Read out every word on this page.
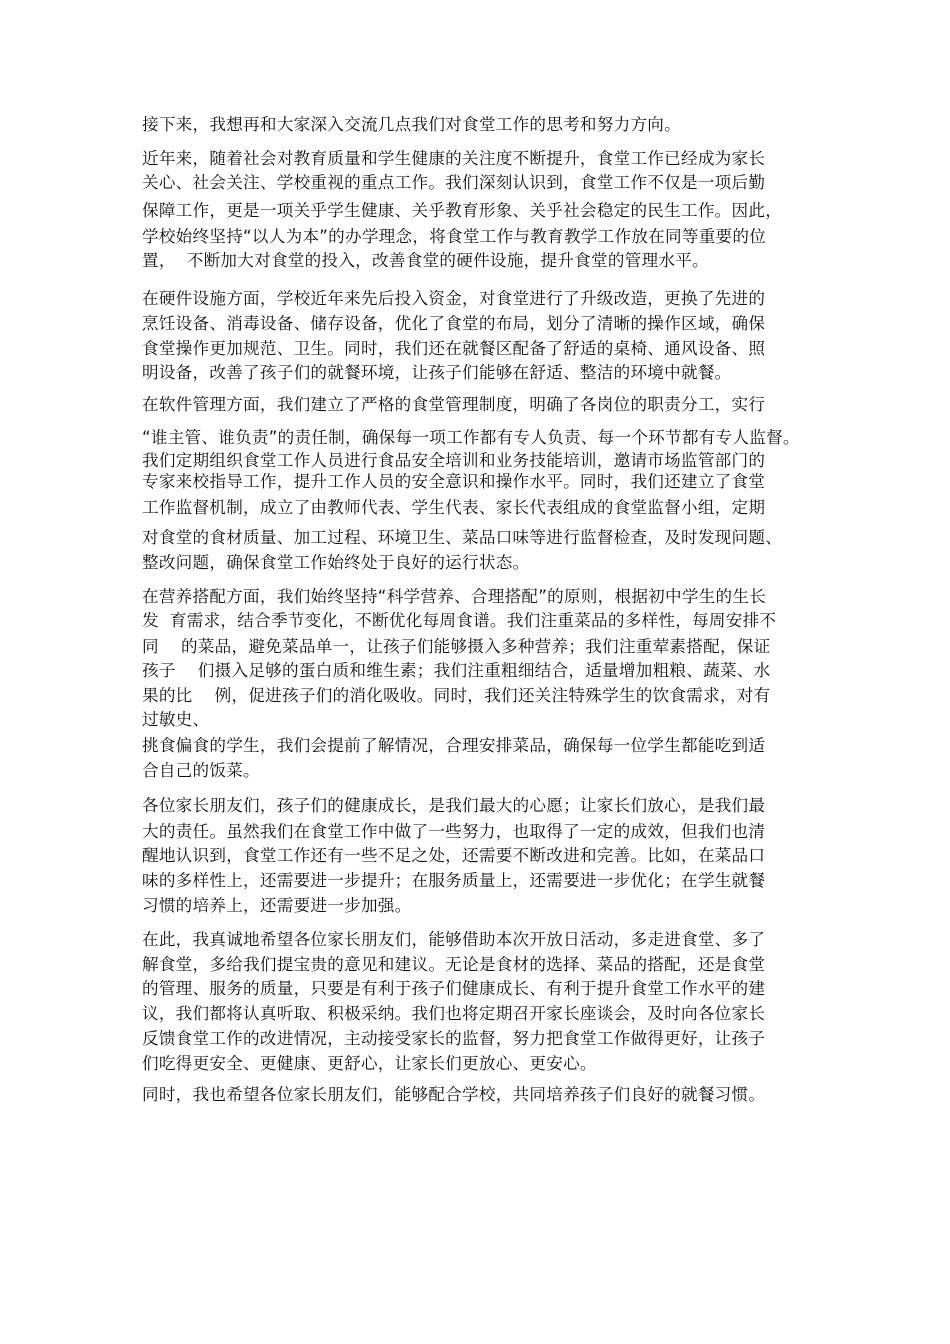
接下来，我想再和大家深入交流几点我们对食堂工作的思考和努力方向。
近年来，随着社会对教育质量和学生健康的关注度不断提升，食堂工作已经成为家长
关心、社会关注、学校重视的重点工作。我们深刻认识到，食堂工作不仅是一项后勤
保障工作，更是一项关乎学生健康、关乎教育形象、关乎社会稳定的民生工作。因此，
学校始终坚持“以人为本”的办学理念，将食堂工作与教育教学工作放在同等重要的位
置，  不断加大对食堂的投入，改善食堂的硬件设施，提升食堂的管理水平。
在硬件设施方面，学校近年来先后投入资金，对食堂进行了升级改造，更换了先进的
烹饪设备、消毒设备、储存设备，优化了食堂的布局，划分了清晰的操作区域，确保
食堂操作更加规范、卫生。同时，我们还在就餐区配备了舒适的桌椅、通风设备、照
明设备，改善了孩子们的就餐环境，让孩子们能够在舒适、整洁的环境中就餐。
在软件管理方面，我们建立了严格的食堂管理制度，明确了各岗位的职责分工，实行
“谁主管、谁负责”的责任制，确保每一项工作都有专人负责、每一个环节都有专人监督。
我们定期组织食堂工作人员进行食品安全培训和业务技能培训，邀请市场监管部门的
专家来校指导工作，提升工作人员的安全意识和操作水平。同时，我们还建立了食堂
工作监督机制，成立了由教师代表、学生代表、家长代表组成的食堂监督小组，定期
对食堂的食材质量、加工过程、环境卫生、菜品口味等进行监督检查，及时发现问题、
整改问题，确保食堂工作始终处于良好的运行状态。
在营养搭配方面，我们始终坚持“科学营养、合理搭配”的原则，根据初中学生的生长
发  育需求，结合季节变化，不断优化每周食谱。我们注重菜品的多样性，每周安排不
同    的菜品，避免菜品单一，让孩子们能够摄入多种营养；我们注重荤素搭配，保证
孩子    们摄入足够的蛋白质和维生素；我们注重粗细结合，适量增加粗粮、蔬菜、水
果的比    例，促进孩子们的消化吸收。同时，我们还关注特殊学生的饮食需求，对有
过敏史、
挑食偏食的学生，我们会提前了解情况，合理安排菜品，确保每一位学生都能吃到适
合自己的饭菜。
各位家长朋友们，孩子们的健康成长，是我们最大的心愿；让家长们放心，是我们最
大的责任。虽然我们在食堂工作中做了一些努力，也取得了一定的成效，但我们也清
醒地认识到，食堂工作还有一些不足之处，还需要不断改进和完善。比如，在菜品口
味的多样性上，还需要进一步提升；在服务质量上，还需要进一步优化；在学生就餐
习惯的培养上，还需要进一步加强。
在此，我真诚地希望各位家长朋友们，能够借助本次开放日活动，多走进食堂、多了
解食堂，多给我们提宝贵的意见和建议。无论是食材的选择、菜品的搭配，还是食堂
的管理、服务的质量，只要是有利于孩子们健康成长、有利于提升食堂工作水平的建
议，我们都将认真听取、积极采纳。我们也将定期召开家长座谈会，及时向各位家长
反馈食堂工作的改进情况，主动接受家长的监督，努力把食堂工作做得更好，让孩子
们吃得更安全、更健康、更舒心，让家长们更放心、更安心。
同时，我也希望各位家长朋友们，能够配合学校，共同培养孩子们良好的就餐习惯。
